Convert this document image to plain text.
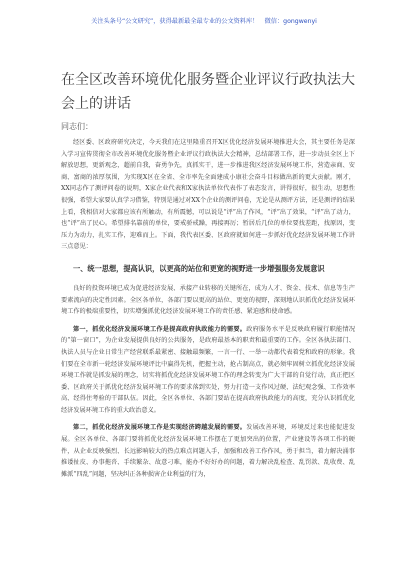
关注头条号“公文研究”，获得最新最全最专业的公文资料库！　微信：gongwenyi
在全区改善环境优化服务暨企业评议行政执法大会上的讲话
同志们：

经区委、区政府研究决定，今天我们在这里隆重召开X区优化经济发展环境推进大会，其主要任务是深入学习宣传贯彻全市改善环境优化服务暨企业评议行政执法大会精神，总结部署工作，进一步动员全区上下解放思想，更新观念，超前自我，奋勇争先，真抓实干，进一步推进我区经济发展环境工作，营造亲商、安商、富商的浓厚氛围，为实现X区在全省、全市率先全面建成小康社会奋斗目标做出新的更大贡献。刚才，XX同志作了测评问卷的说明，X家企业代表和X家执法单位代表作了表态发言，讲得很好，很生动，思想性很强，希望大家要认真学习借鉴，特别是通过对XX个企业的测评问卷，无论是从测评方法，还是测评的结果上看，我相信对大家都应该有所触动，有所震憾，可以说是“评”出了作风，“评”出了效果，“评”出了动力，也“评”出了民心。希望排名靠前的单位，要戒骄戒躁，再接再厉；暂居后几位的单位要找差距，找原因，变压力为动力，扎实工作，迎难而上。下面，我代表区委、区政府就如何进一步抓好优化经济发展环境工作讲三点意见：

一、统一思想，提高认识，以更高的站位和更宽的视野进一步增强服务发展意识

良好的投资环境已成为促进经济发展、承接产业转移的关键所在，成为人才、资金、技术、信息等生产要素流向的决定性因素。全区各单位，各部门要以更高的站位、更宽的视野，深刻地认识抓优化经济发展环境工作的极端重要性，切实增强抓优化经济发展环境工作的责任感、紧迫感和使命感。

第一，抓优化经济发展环境工作是提高政府执政能力的需要。政府服务水平是反映政府履行职能情况的“第一窗口”，为企业发展提供良好的公共服务，是政府最基本的职责和最重要的工作。全区各执法部门、执法人员与企业日常生产经营联系最紧密、接触最频繁，一言一行、一举一动都代表着党和政府的形象。我们要在全市新一轮经济发展环境评比中赢得先机，把握主动，抢占制高点，就必须牢固树立抓优化经济发展环境工作就是抓发展的理念，切实将抓优化经济发展环境工作的理念转变为广大干部的自觉行动，真正把区委、区政府关于抓优化经济发展环境工作的要求落到实处，努力打造一支作风过硬、法纪观念强、工作效率高、经得住考验的干部队伍。因此，全区各单位、各部门要站在提高政府执政能力的高度，充分认识抓优化经济发展环境工作的重大政治意义。

第二，抓优化经济发展环境工作是实现经济跨越发展的需要。发展改善环境，环境反过来也能促进发展。全区各单位、各部门要将抓优化经济发展环境工作摆在了更加突出的位置，产业建设等各项工作的硬件，从企业反映强烈、长远影响较大的热点难点问题入手，加强和改善工作作风，勇于担当，着力解决涌事推诿扯皮、办事拖沓、手续繁杂、故意刁难，能办不好好办的问题，着力解决乱检查、乱罚款、乱收费、乱摊派“四乱”问题，坚决纠正各种损害企业利益的行为，
